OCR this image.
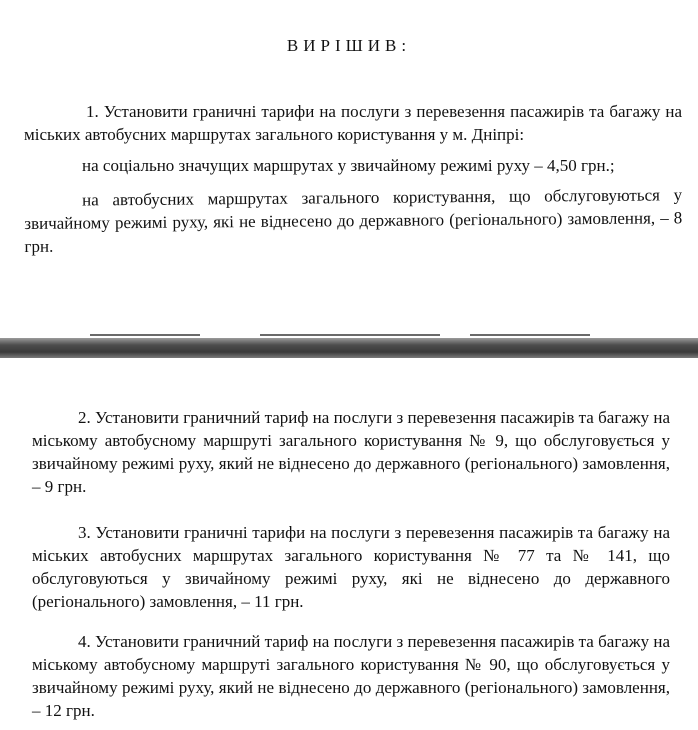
ВИРІШИВ:

1. Установити граничні тарифи на послуги з перевезення пасажирів та багажу на міських автобусних маршрутах загального користування у м. Дніпрі:

на соціально значущих маршрутах у звичайному режимі руху – 4,50 грн.;

на автобусних маршрутах загального користування, що обслуговуються у звичайному режимі руху, які не віднесено до державного (регіонального) замовлення, – 8 грн.

2. Установити граничний тариф на послуги з перевезення пасажирів та багажу на міському автобусному маршруті загального користування № 9, що обслуговується у звичайному режимі руху, який не віднесено до державного (регіонального) замовлення, – 9 грн.

3. Установити граничні тарифи на послуги з перевезення пасажирів та багажу на міських автобусних маршрутах загального користування № 77 та № 141, що обслуговуються у звичайному режимі руху, які не віднесено до державного (регіонального) замовлення, – 11 грн.

4. Установити граничний тариф на послуги з перевезення пасажирів та багажу на міському автобусному маршруті загального користування № 90, що обслуговується у звичайному режимі руху, який не віднесено до державного (регіонального) замовлення, – 12 грн.
